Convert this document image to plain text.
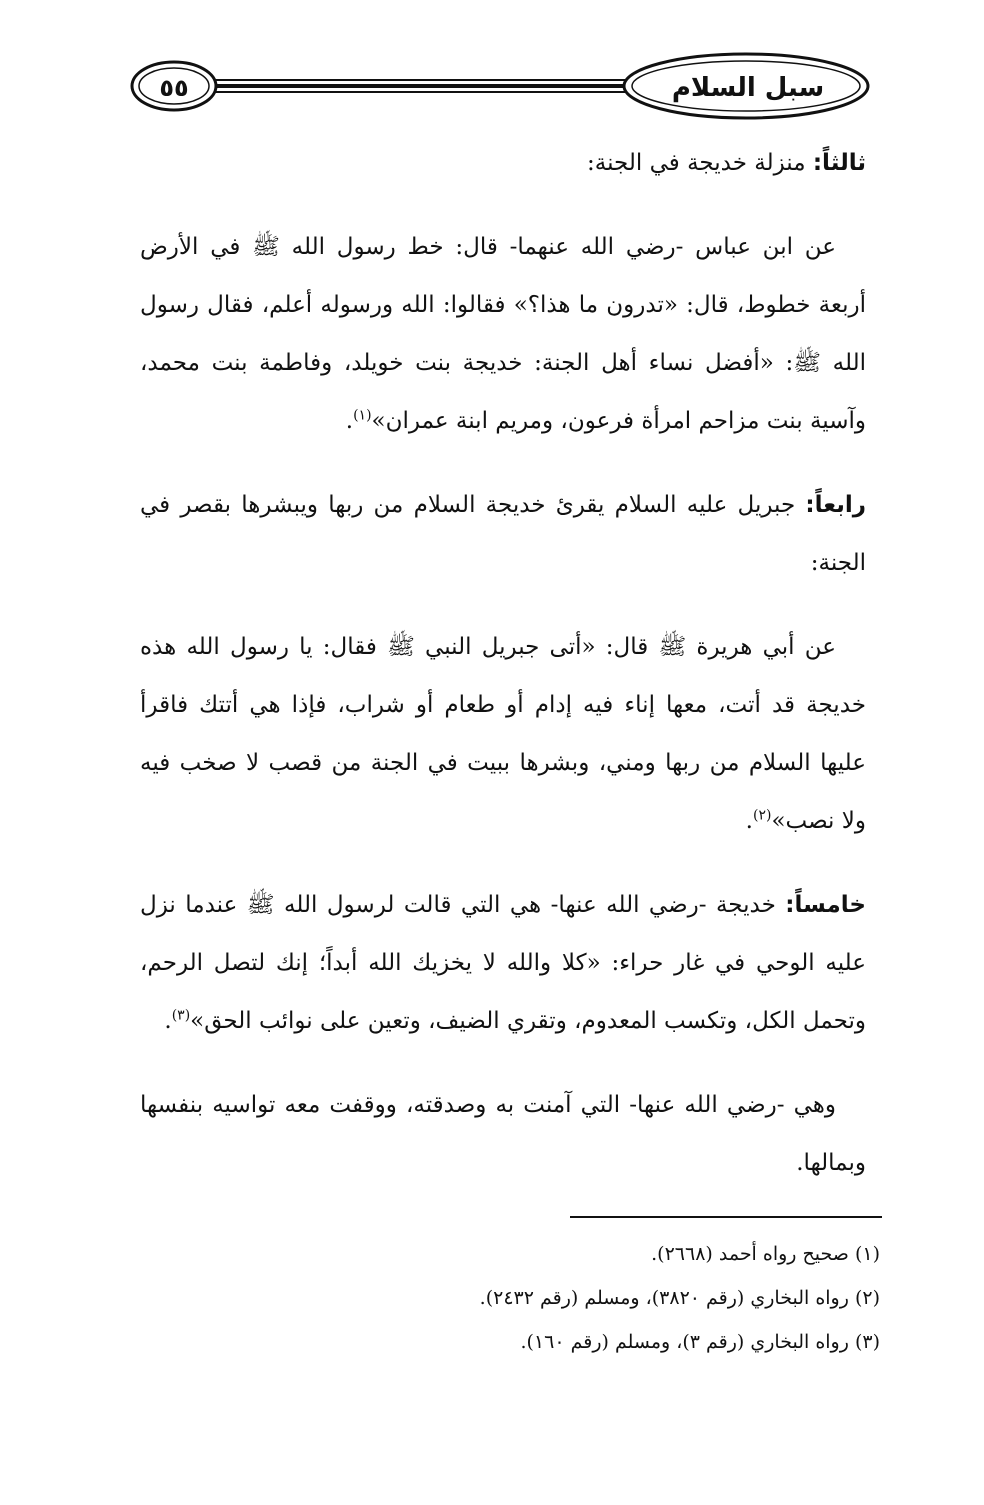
سبل السلام
٥٥

ثالثاً: منزلة خديجة في الجنة:

عن ابن عباس -رضي الله عنهما- قال: خط رسول الله ﷺ في الأرض أربعة خطوط، قال: «تدرون ما هذا؟» فقالوا: الله ورسوله أعلم، فقال رسول الله ﷺ: «أفضل نساء أهل الجنة: خديجة بنت خويلد، وفاطمة بنت محمد، وآسية بنت مزاحم امرأة فرعون، ومريم ابنة عمران»$^{(١)}$.

رابعاً: جبريل عليه السلام يقرئ خديجة السلام من ربها ويبشرها بقصر في الجنة:

عن أبي هريرة ﷺ قال: «أتى جبريل النبي ﷺ فقال: يا رسول الله هذه خديجة قد أتت، معها إناء فيه إدام أو طعام أو شراب، فإذا هي أتتك فاقرأ عليها السلام من ربها ومني، وبشرها ببيت في الجنة من قصب لا صخب فيه ولا نصب»$^{(٢)}$.

خامساً: خديجة -رضي الله عنها- هي التي قالت لرسول الله ﷺ عندما نزل عليه الوحي في غار حراء: «كلا والله لا يخزيك الله أبداً؛ إنك لتصل الرحم، وتحمل الكل، وتكسب المعدوم، وتقري الضيف، وتعين على نوائب الحق»$^{(٣)}$.

وهي -رضي الله عنها- التي آمنت به وصدقته، ووقفت معه تواسيه بنفسها وبمالها.

(١) صحيح رواه أحمد (٢٦٦٨).

(٢) رواه البخاري (رقم ٣٨٢٠)، ومسلم (رقم ٢٤٣٢).

(٣) رواه البخاري (رقم ٣)، ومسلم (رقم ١٦٠).
